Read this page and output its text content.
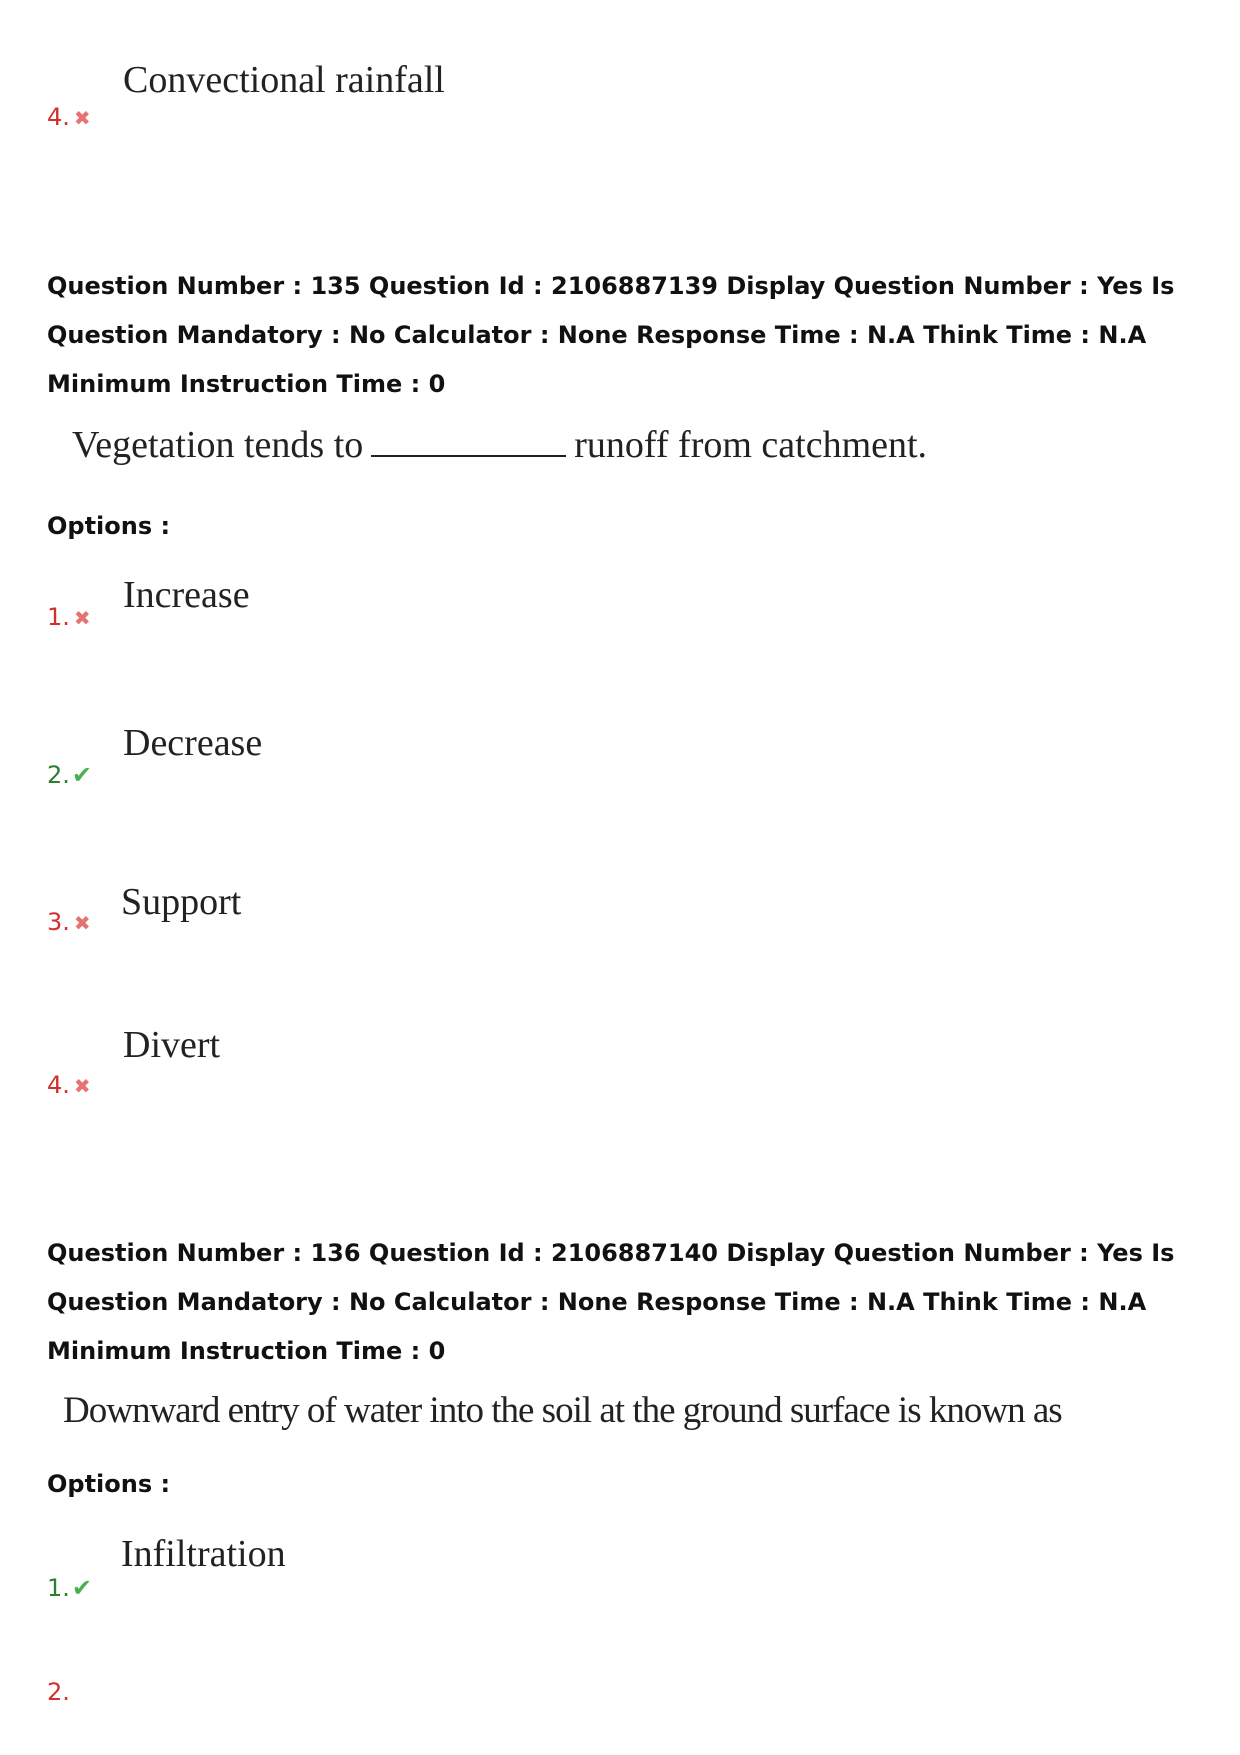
Convectional rainfall
4. ✖
Question Number : 135 Question Id : 2106887139 Display Question Number : Yes Is Question Mandatory : No Calculator : None Response Time : N.A Think Time : N.A Minimum Instruction Time : 0
Vegetation tends to	runoff from catchment.
Options :
Increase
1. ✖
Decrease
2.✔
Support
3. ✖
Divert
4. ✖
Question Number : 136 Question Id : 2106887140 Display Question Number : Yes Is Question Mandatory : No Calculator : None Response Time : N.A Think Time : N.A Minimum Instruction Time : 0
Downward entry of water into the soil at the ground surface is known as
Options :
Infiltration
1.✔
2.
